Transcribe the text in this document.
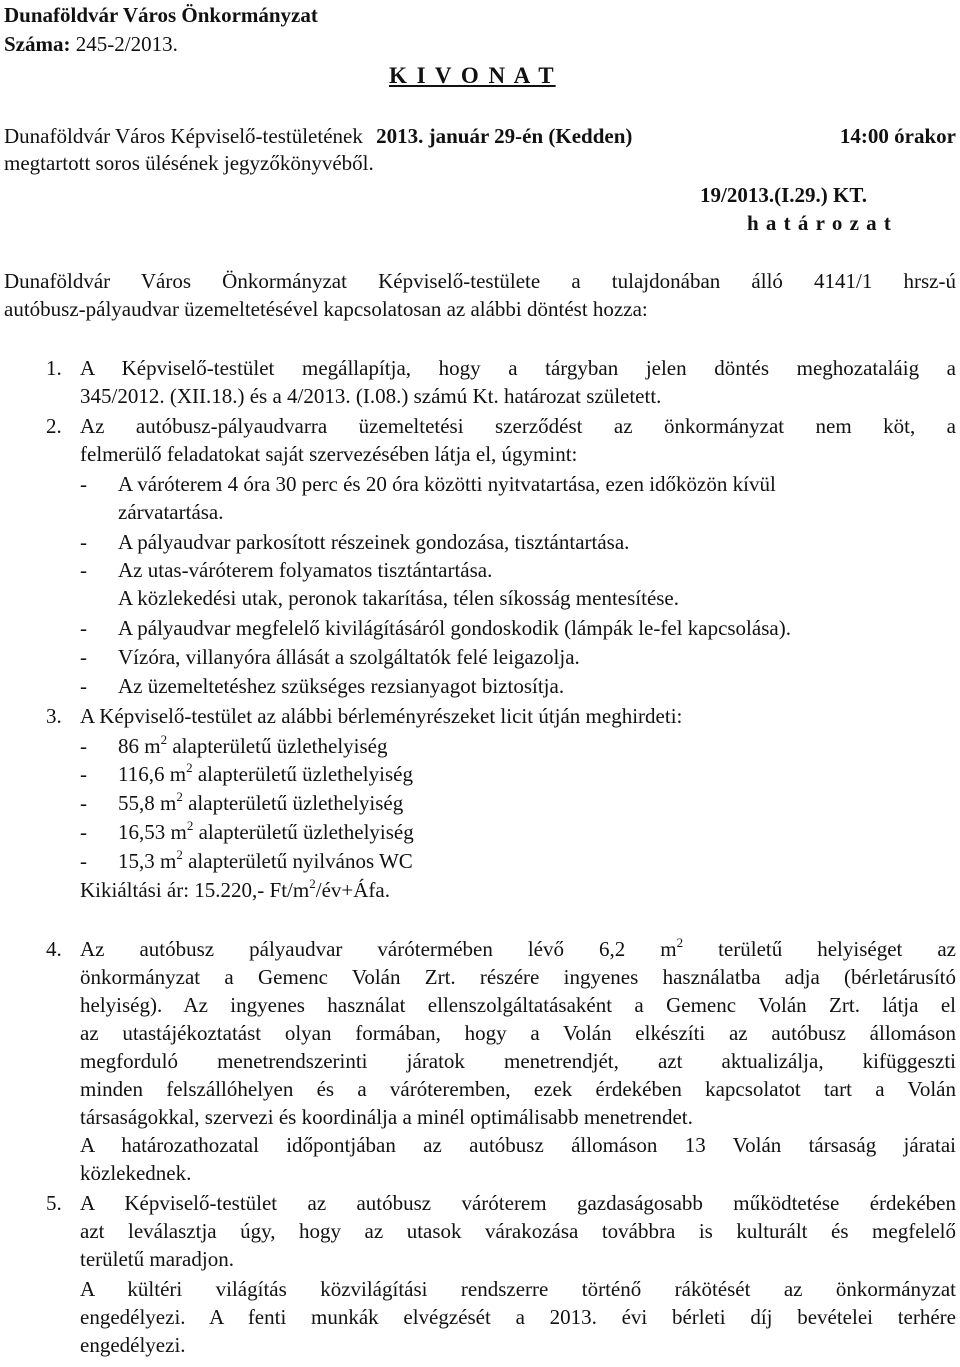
Dunaföldvár Város Önkormányzat
Száma: 245-2/2013.
K I V O N A T
Dunaföldvár Város Képviselő-testületének 2013. január 29-én (Kedden)	14:00 órakor
megtartott soros ülésének jegyzőkönyvéből.
19/2013.(I.29.) KT.
h a t á r o z a t
Dunaföldvár Város Önkormányzat Képviselő-testülete a tulajdonában álló 4141/1 hrsz-ú
autóbusz-pályaudvar üzemeltetésével kapcsolatosan az alábbi döntést hozza:
1. A Képviselő-testület megállapítja, hogy a tárgyban jelen döntés meghozataláig a
345/2012. (XII.18.) és a 4/2013. (I.08.) számú Kt. határozat született.
2. Az autóbusz-pályaudvarra üzemeltetési szerződést az önkormányzat nem köt, a
felmerülő feladatokat saját szervezésében látja el, úgymint:
- A váróterem 4 óra 30 perc és 20 óra közötti nyitvatartása, ezen időközön kívül
zárvatartása.
- A pályaudvar parkosított részeinek gondozása, tisztántartása.
- Az utas-váróterem folyamatos tisztántartása.
A közlekedési utak, peronok takarítása, télen síkosság mentesítése.
- A pályaudvar megfelelő kivilágításáról gondoskodik (lámpák le-fel kapcsolása).
- Vízóra, villanyóra állását a szolgáltatók felé leigazolja.
- Az üzemeltetéshez szükséges rezsianyagot biztosítja.
3. A Képviselő-testület az alábbi bérleményrészeket licit útján meghirdeti:
- 86 $m^2$ alapterületű üzlethelyiség
- 116,6 $m^2$ alapterületű üzlethelyiség
- 55,8 $m^2$ alapterületű üzlethelyiség
- 16,53 $m^2$ alapterületű üzlethelyiség
- 15,3 $m^2$ alapterületű nyilvános WC
Kikiáltási ár: 15.220,- $Ft/m^2/év+Áfa$.
4. Az autóbusz pályaudvar várótermében lévő 6,2 $m^2$ területű helyiséget az
önkormányzat a Gemenc Volán Zrt. részére ingyenes használatba adja (bérletárusító
helyiség). Az ingyenes használat ellenszolgáltatásaként a Gemenc Volán Zrt. látja el
az utastájékoztatást olyan formában, hogy a Volán elkészíti az autóbusz állomáson
megforduló menetrendszerinti járatok menetrendjét, azt aktualizálja, kifüggeszti
minden felszállóhelyen és a váróteremben, ezek érdekében kapcsolatot tart a Volán
társaságokkal, szervezi és koordinálja a minél optimálisabb menetrendet.
A határozathozatal időpontjában az autóbusz állomáson 13 Volán társaság járatai
közlekednek.
5. A Képviselő-testület az autóbusz váróterem gazdaságosabb működtetése érdekében
azt leválasztja úgy, hogy az utasok várakozása továbbra is kulturált és megfelelő
területű maradjon.
A kültéri világítás közvilágítási rendszerre történő rákötését az önkormányzat
engedélyezi. A fenti munkák elvégzését a 2013. évi bérleti díj bevételei terhére
engedélyezi.
